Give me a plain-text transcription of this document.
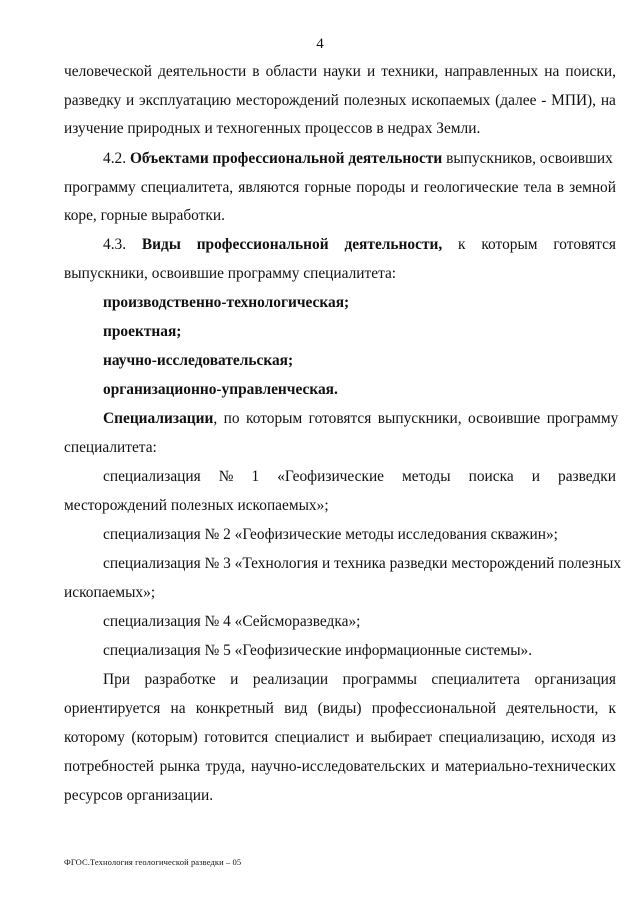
4
человеческой деятельности в области науки и техники, направленных на поиски,
разведку и эксплуатацию месторождений полезных ископаемых (далее - МПИ), на
изучение природных и техногенных процессов в недрах Земли.
4.2. Объектами профессиональной деятельности выпускников, освоивших
программу специалитета, являются горные породы и геологические тела в земной
коре, горные выработки.
4.3. Виды профессиональной деятельности, к которым готовятся
выпускники, освоившие программу специалитета:
производственно-технологическая;
проектная;
научно-исследовательская;
организационно-управленческая.
Специализации, по которым готовятся выпускники, освоившие программу
специалитета:
специализация № 1 «Геофизические методы поиска и разведки
месторождений полезных ископаемых»;
специализация № 2 «Геофизические методы исследования скважин»;
специализация № 3 «Технология и техника разведки месторождений полезных
ископаемых»;
специализация № 4 «Сейсморазведка»;
специализация № 5 «Геофизические информационные системы».
При разработке и реализации программы специалитета организация
ориентируется на конкретный вид (виды) профессиональной деятельности, к
которому (которым) готовится специалист и выбирает специализацию, исходя из
потребностей рынка труда, научно-исследовательских и материально-технических
ресурсов организации.
ФГОС.Технология геологической разведки – 05
